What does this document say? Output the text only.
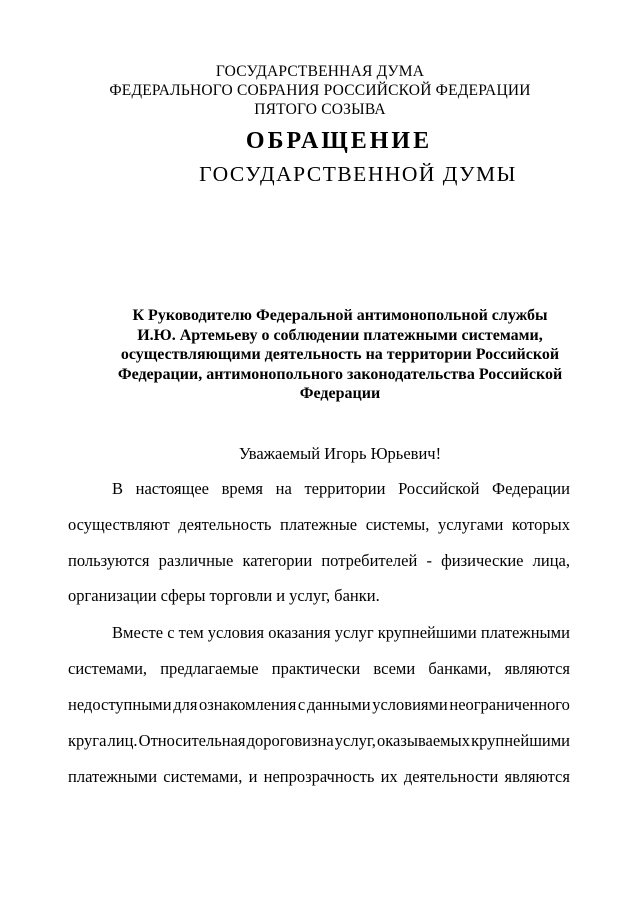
ГОСУДАРСТВЕННАЯ ДУМА
ФЕДЕРАЛЬНОГО СОБРАНИЯ РОССИЙСКОЙ ФЕДЕРАЦИИ
ПЯТОГО СОЗЫВА
ОБРАЩЕНИЕ
ГОСУДАРСТВЕННОЙ ДУМЫ
К Руководителю Федеральной антимонопольной службы
И.Ю. Артемьеву о соблюдении платежными системами,
осуществляющими деятельность на территории Российской
Федерации, антимонопольного законодательства Российской
Федерации
Уважаемый Игорь Юрьевич!
В настоящее время на территории Российской Федерации
осуществляют деятельность платежные системы, услугами которых
пользуются различные категории потребителей - физические лица,
организации сферы торговли и услуг, банки.
Вместе с тем условия оказания услуг крупнейшими платежными
системами, предлагаемые практически всеми банками, являются
недоступными для ознакомления с данными условиями неограниченного
круга лиц. Относительная дороговизна услуг, оказываемых крупнейшими
платежными системами, и непрозрачность их деятельности являются
